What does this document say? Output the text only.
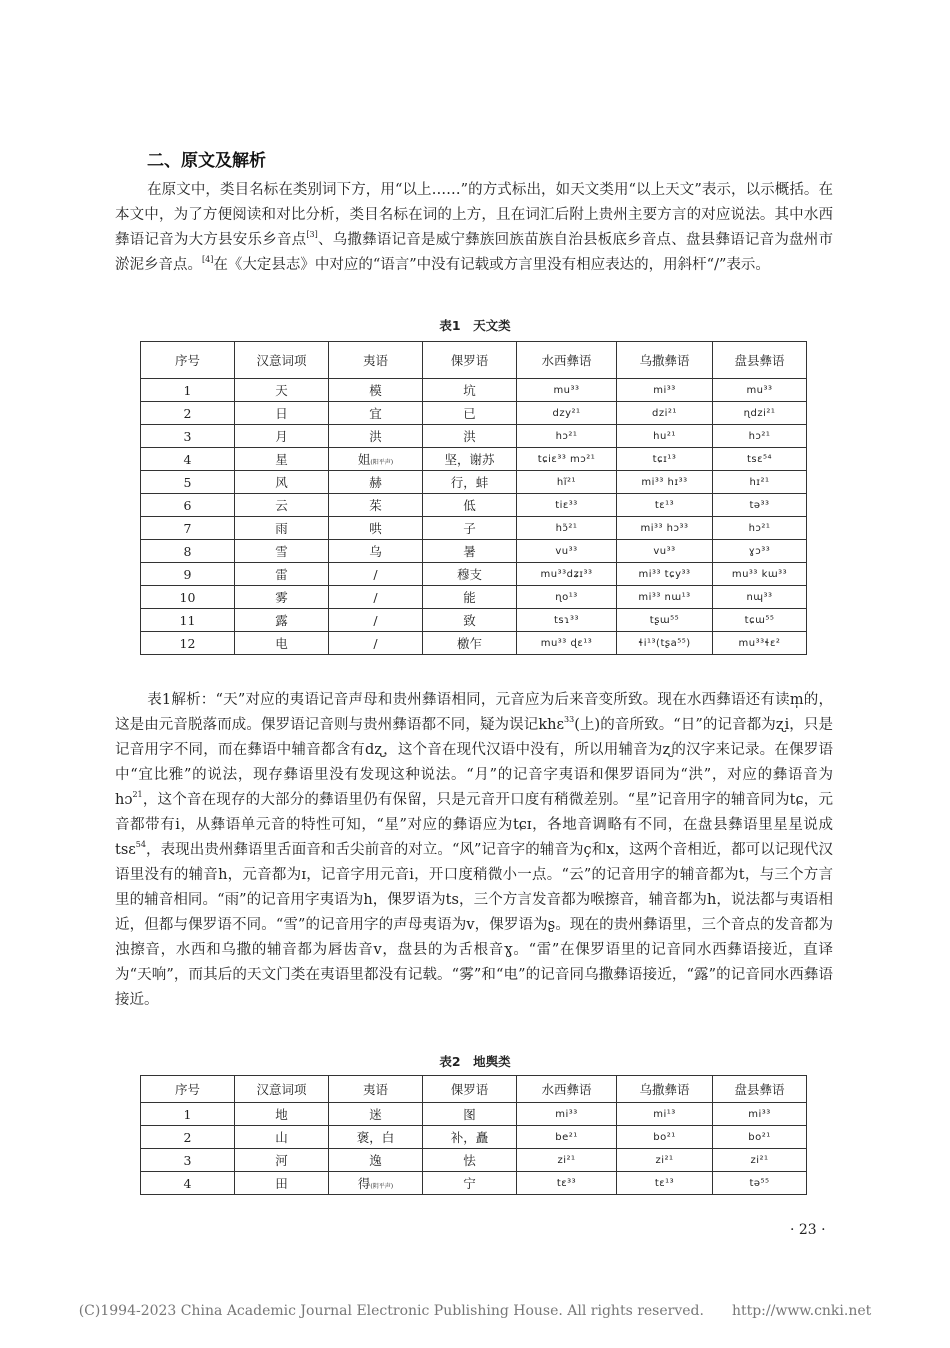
二、原文及解析

在原文中，类目名标在类别词下方，用“以上……”的方式标出，如天文类用“以上天文”表示，以示概括。在本文中，为了方便阅读和对比分析，类目名标在词的上方，且在词汇后附上贵州主要方言的对应说法。其中水西彝语记音为大方县安乐乡音点[3]、乌撒彝语记音是威宁彝族回族苗族自治县板底乡音点、盘县彝语记音为盘州市淤泥乡音点。[4]在《大定县志》中对应的“语言”中没有记载或方言里没有相应表达的，用斜杆“/”表示。

表1　天文类
序号	汉意词项	夷语	倮罗语	水西彝语	乌撒彝语	盘县彝语
1	天	模	坑	mu³³	mi³³	mu³³
2	日	宜	已	dzy²¹	dzi²¹	ɳdzi²¹
3	月	洪	洪	hɔ²¹	hu²¹	hɔ²¹
4	星	姐(阳平声)	坚，谢苏	tɕiɛ³³ mɔ²¹	tɕɪ¹³	tsɛ⁵⁴
5	风	赫	行，蚌	hĩ²¹	mi³³ hɪ³³	hɪ²¹
6	云	茱	低	tiɛ³³	tɛ¹³	tə³³
7	雨	哄	子	hɔ̃²¹	mi³³ hɔ³³	hɔ²¹
8	雪	乌	暑	vu³³	vu³³	ɣɔ³³
9	雷	/	穆支	mu³³dʑɪ³³	mi³³ tɕy³³	mu³³ kɯ³³
10	雾	/	能	ɳo¹³	mi³³ nɯ¹³	nɰ³³
11	露	/	致	tsɿ³³	tʂɯ⁵⁵	tɕɯ⁵⁵
12	电	/	檄乍	mu³³ ɖɛ¹³	ɬi¹³(tʂa⁵⁵)	mu³³ɬɛ²

表1解析：“天”对应的夷语记音声母和贵州彝语相同，元音应为后来音变所致。现在水西彝语还有读m̩的，这是由元音脱落而成。倮罗语记音则与贵州彝语都不同，疑为误记khɛ$^{33}$(上)的音所致。“日”的记音都为ʐi，只是记音用字不同，而在彝语中辅音都含有dʐ，这个音在现代汉语中没有，所以用辅音为ʐ的汉字来记录。在倮罗语中“宜比雅”的说法，现存彝语里没有发现这种说法。“月”的记音字夷语和倮罗语同为“洪”，对应的彝语音为hɔ$^{21}$，这个音在现存的大部分的彝语里仍有保留，只是元音开口度有稍微差别。“星”记音用字的辅音同为tɕ，元音都带有i，从彝语单元音的特性可知，“星”对应的彝语应为tɕɪ，各地音调略有不同，在盘县彝语里星星说成tsɛ$^{54}$，表现出贵州彝语里舌面音和舌尖前音的对立。“风”记音字的辅音为ç和x，这两个音相近，都可以记现代汉语里没有的辅音h，元音都为ɪ，记音字用元音i，开口度稍微小一点。“云”的记音用字的辅音都为t，与三个方言里的辅音相同。“雨”的记音用字夷语为h，倮罗语为ts，三个方言发音都为喉擦音，辅音都为h，说法都与夷语相近，但都与倮罗语不同。“雪”的记音用字的声母夷语为v，倮罗语为ʂ。现在的贵州彝语里，三个音点的发音都为浊擦音，水西和乌撒的辅音都为唇齿音v，盘县的为舌根音ɣ。“雷”在倮罗语里的记音同水西彝语接近，直译为“天响”，而其后的天文门类在夷语里都没有记载。“雾”和“电”的记音同乌撒彝语接近，“露”的记音同水西彝语接近。

表2　地舆类
序号	汉意词项	夷语	倮罗语	水西彝语	乌撒彝语	盘县彝语
1	地	迷	图	mi³³	mi¹³	mi³³
2	山	褒，白	补，矗	be²¹	bo²¹	bo²¹
3	河	逸	怯	zi²¹	zi²¹	zi²¹
4	田	得(阴平声)	宁	tɛ³³	tɛ¹³	tə⁵⁵
· 23 ·
(C)1994-2023 China Academic Journal Electronic Publishing House. All rights reserved.　　http://www.cnki.net
